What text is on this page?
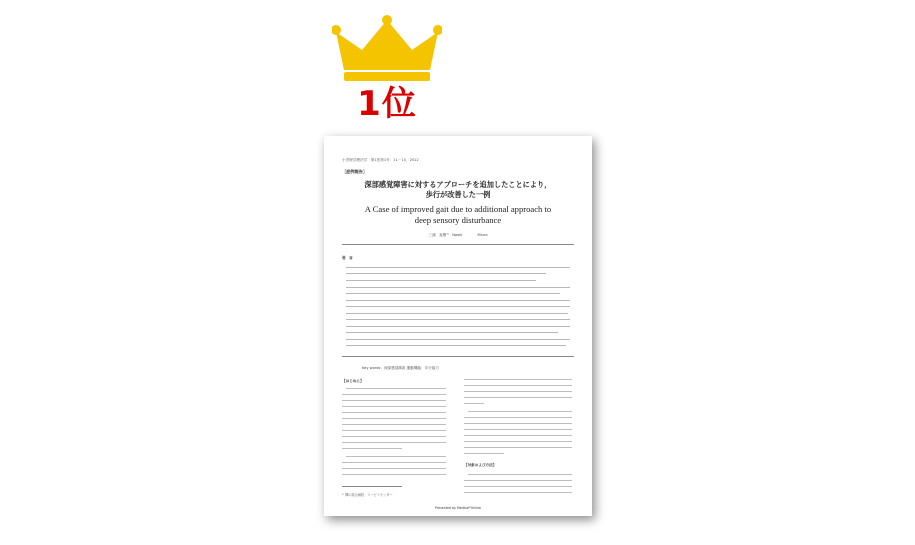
1位
小児理学療法学　第1巻第1号：11－15，2022
［症例報告］
深部感覚障害に対するアプローチを追加したことにより，
歩行が改善した一例
A Case of improved gait due to additional approach to
deep sensory disturbance
三浦　直樹¹⁾　Naoki Miura
要　旨
Key words：深部感覚障害 運動機能：歩行能力
【はじめに】
¹⁾ 陣の総合病院　リハビリセンター
【対象および方法】
Presented by Medical*Online
